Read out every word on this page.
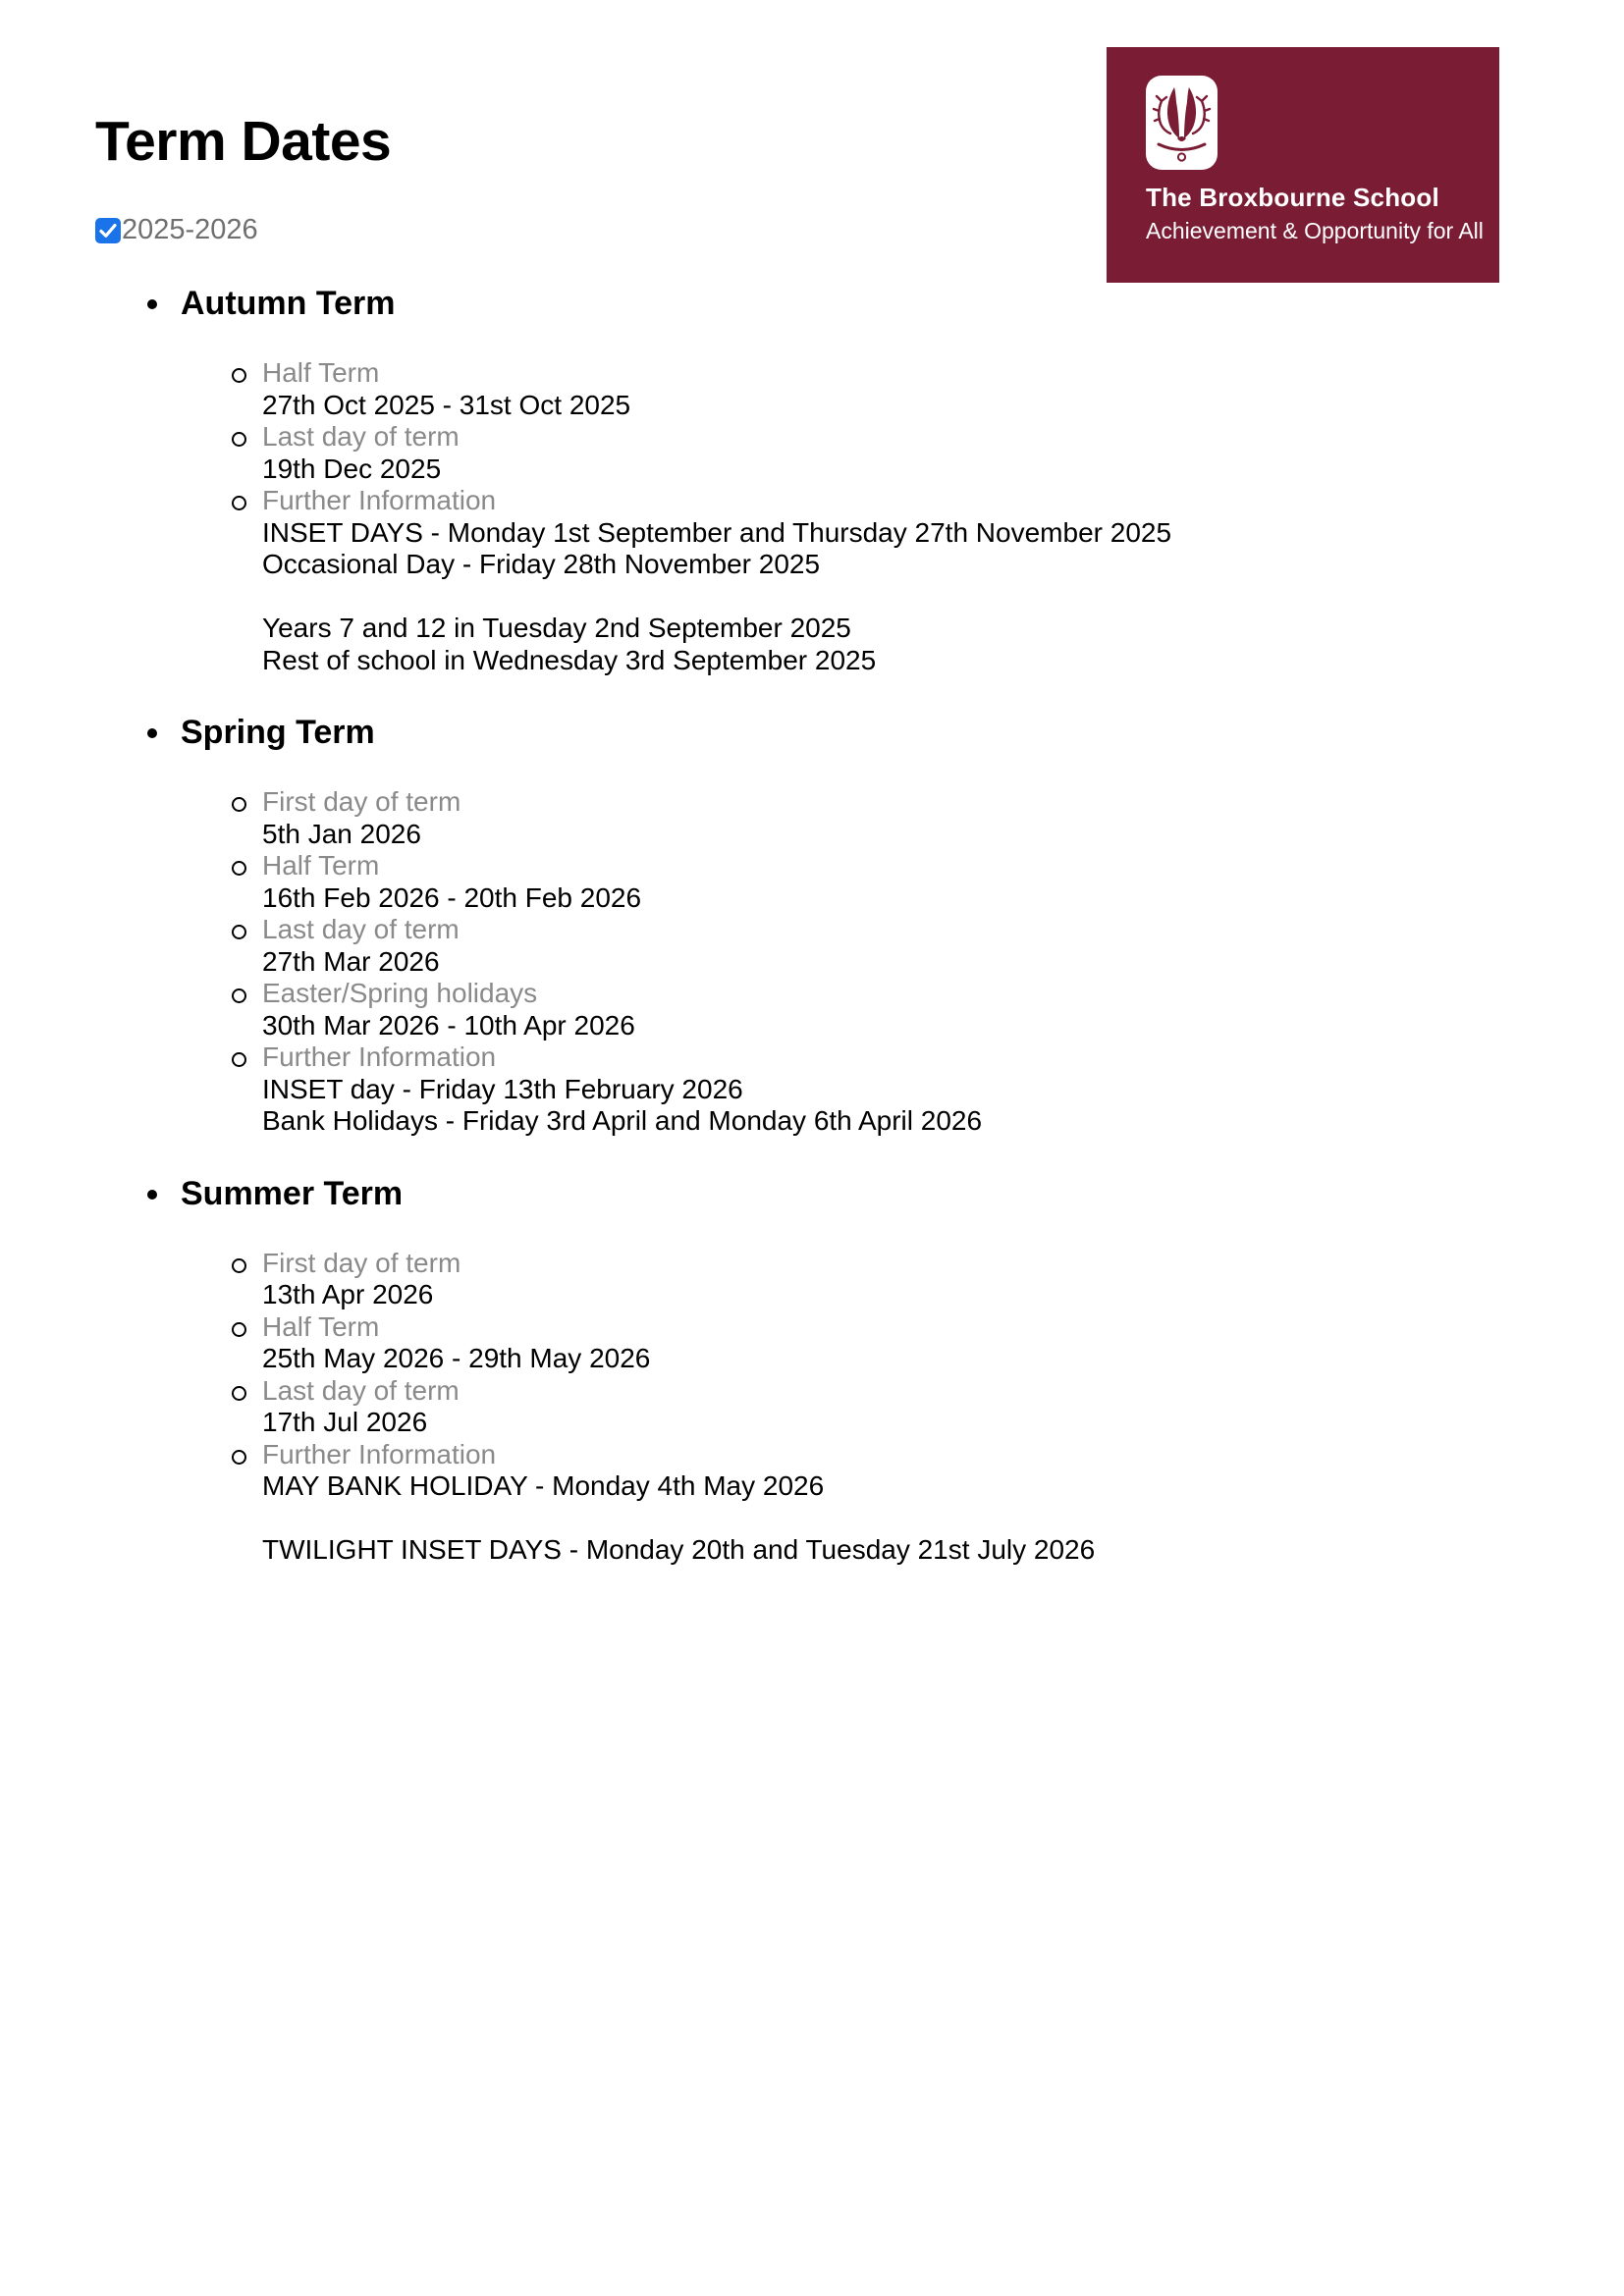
The Broxbourne School
Achievement & Opportunity for All
Term Dates
2025-2026
Autumn Term
Half Term
27th Oct 2025 - 31st Oct 2025
Last day of term
19th Dec 2025
Further Information
INSET DAYS - Monday 1st September and Thursday 27th November 2025
Occasional Day - Friday 28th November 2025

Years 7 and 12 in Tuesday 2nd September 2025
Rest of school in Wednesday 3rd September 2025
Spring Term
First day of term
5th Jan 2026
Half Term
16th Feb 2026 - 20th Feb 2026
Last day of term
27th Mar 2026
Easter/Spring holidays
30th Mar 2026 - 10th Apr 2026
Further Information
INSET day - Friday 13th February 2026
Bank Holidays - Friday 3rd April and Monday 6th April 2026
Summer Term
First day of term
13th Apr 2026
Half Term
25th May 2026 - 29th May 2026
Last day of term
17th Jul 2026
Further Information
MAY BANK HOLIDAY - Monday 4th May 2026

TWILIGHT INSET DAYS - Monday 20th and Tuesday 21st July 2026
